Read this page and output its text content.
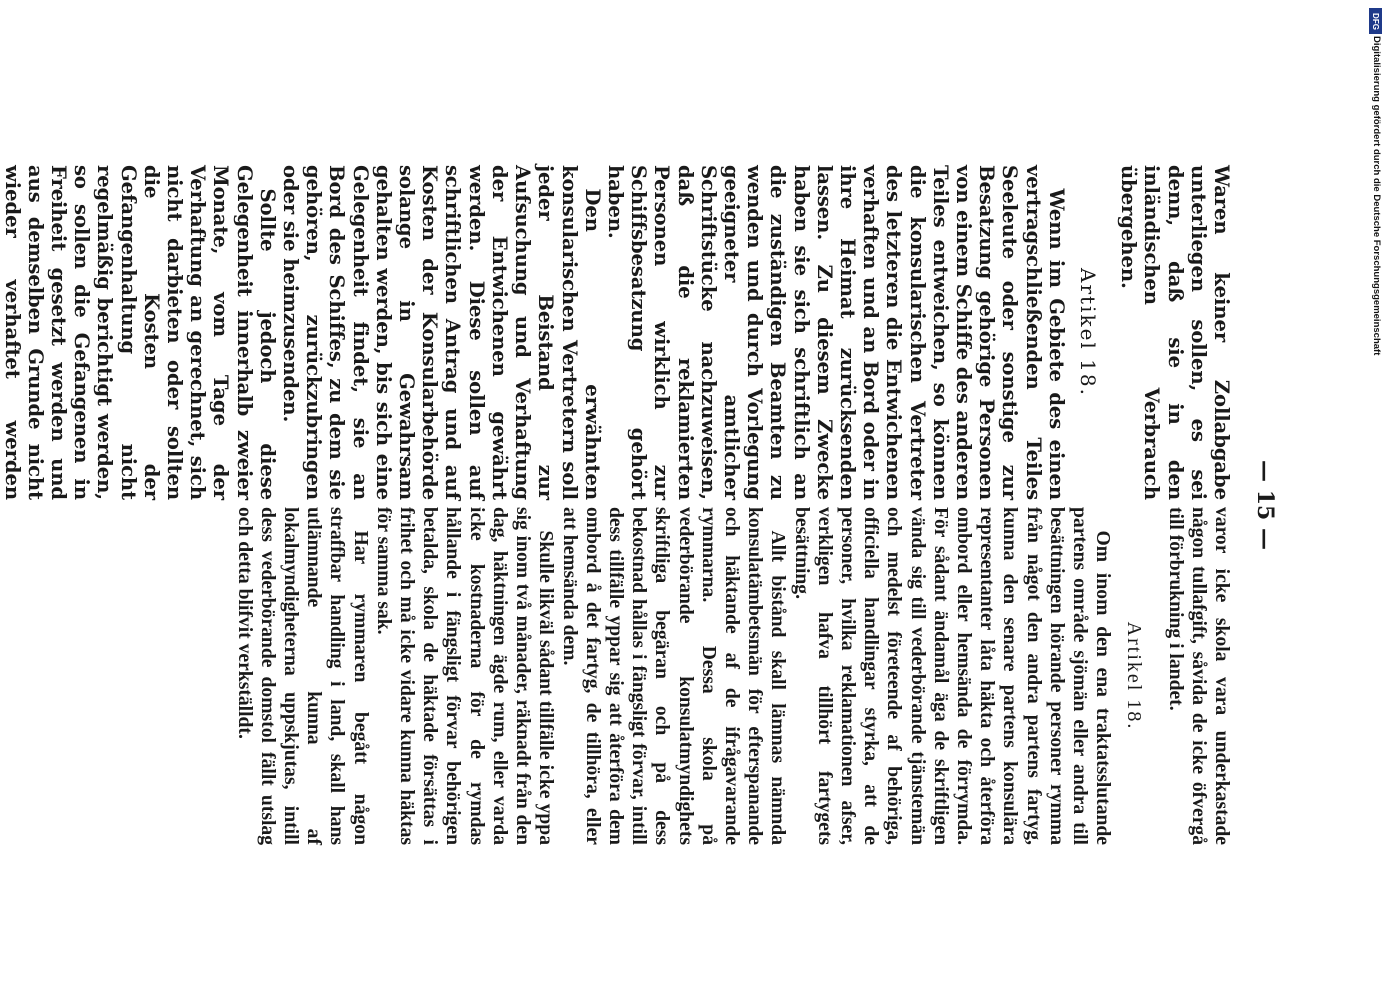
— 15 —

Waren keiner Zollabgabe unterliegen sollen, es sei denn, daß sie in den inländischen Verbrauch übergehen.

Artikel 18.

Wenn im Gebiete des einen vertragschließenden Teiles Seeleute oder sonstige zur Besatzung gehörige Personen von einem Schiffe des anderen Teiles entweichen, so können die konsularischen Vertreter des letzteren die Entwichenen verhaften und an Bord oder in ihre Heimat zurücksenden lassen. Zu diesem Zwecke haben sie sich schriftlich an die zuständigen Beamten zu wenden und durch Vorlegung geeigneter amtlicher Schriftstücke nachzuweisen, daß die reklamierten Personen wirklich zur Schiffsbesatzung gehört haben.

Den erwähnten konsularischen Vertretern soll jeder Beistand zur Aufsuchung und Verhaftung der Entwichenen gewährt werden. Diese sollen auf schriftlichen Antrag und auf Kosten der Konsularbehörde solange in Gewahrsam gehalten werden, bis sich eine Gelegenheit findet, sie an Bord des Schiffes, zu dem sie gehören, zurückzubringen oder sie heimzusenden.

Sollte jedoch diese Gelegenheit innerhalb zweier Monate, vom Tage der Verhaftung an gerechnet, sich nicht darbieten oder sollten die Kosten der Gefangenhaltung nicht regelmäßig berichtigt werden, so sollen die Gefangenen in Freiheit gesetzt werden und aus demselben Grunde nicht wieder verhaftet werden

varor icke skola vara underkastade någon tullafgift, såvida de icke öfvergå till förbrukning i landet.

Artikel 18.

Om inom den ena traktatsslutande partens område sjömän eller andra till besättningen hörande personer rymma från något den andra partens fartyg, kunna den senare partens konsulära representanter låta häkta och återföra ombord eller hemsända de förrymda. För sådant ändamål äga de skriftligen vända sig till vederbörande tjänstemän och medelst företeende af behöriga, officiella handlingar styrka, att de personer, hvilka reklamationen afser, verkligen hafva tillhört fartygets besättning.

Allt bistånd skall lämnas nämnda konsulatämbetsmän för efterspanande och häktande af de ifrågavarande rymmarna. Dessa skola på vederbörande konsulatmyndighets skriftliga begäran och på dess bekostnad hållas i fängsligt förvar, intill dess tillfälle yppar sig att återföra dem ombord å det fartyg, de tillhöra, eller att hemsända dem.

Skulle likväl sådant tillfälle icke yppa sig inom två månader, räknadt från den dag, häktningen ägde rum, eller varda icke kostnaderna för de rymdas hållande i fängsligt förvar behörigen betalda, skola de häktade försättas i frihet och må icke vidare kunna häktas för samma sak.

Har rymmaren begått någon straffbar handling i land, skall hans utlämnande kunna af lokalmyndigheterna uppskjutas, intill dess vederbörande domstol fällt utslag och detta blifvit verkställdt.

DFG
Digitalisierung gefördert durch die Deutsche Forschungsgemeinschaft
